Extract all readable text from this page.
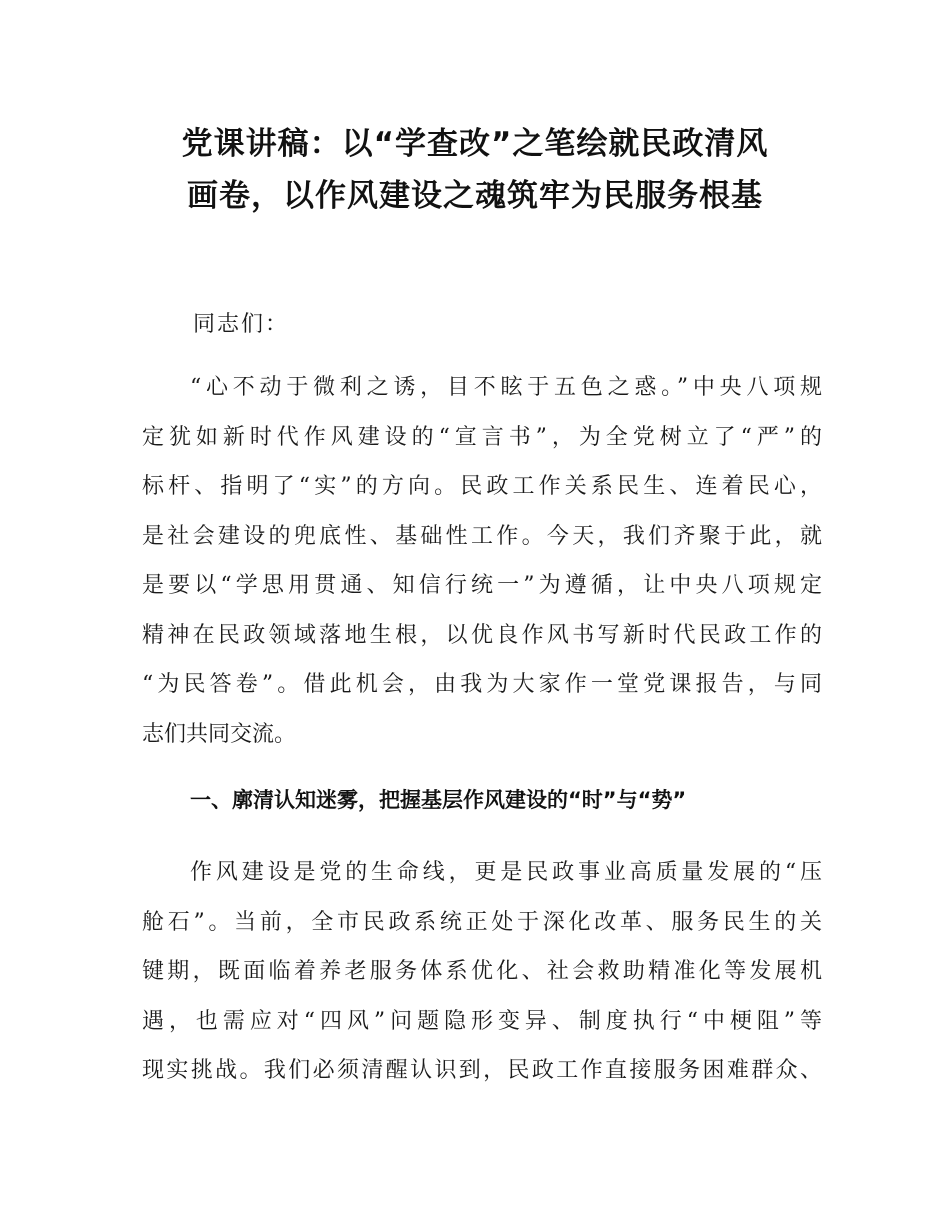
党课讲稿：以“学查改”之笔绘就民政清风
画卷，以作风建设之魂筑牢为民服务根基

同志们：

“心不动于微利之诱，目不眩于五色之惑。”中央八项规
定犹如新时代作风建设的“宣言书”，为全党树立了“严”的
标杆、指明了“实”的方向。民政工作关系民生、连着民心，
是社会建设的兜底性、基础性工作。今天，我们齐聚于此，就
是要以“学思用贯通、知信行统一”为遵循，让中央八项规定
精神在民政领域落地生根，以优良作风书写新时代民政工作的
“为民答卷”。借此机会，由我为大家作一堂党课报告，与同
志们共同交流。
一、廓清认知迷雾，把握基层作风建设的“时”与“势”
作风建设是党的生命线，更是民政事业高质量发展的“压
舱石”。当前，全市民政系统正处于深化改革、服务民生的关
键期，既面临着养老服务体系优化、社会救助精准化等发展机
遇，也需应对“四风”问题隐形变异、制度执行“中梗阻”等
现实挑战。我们必须清醒认识到，民政工作直接服务困难群众、
